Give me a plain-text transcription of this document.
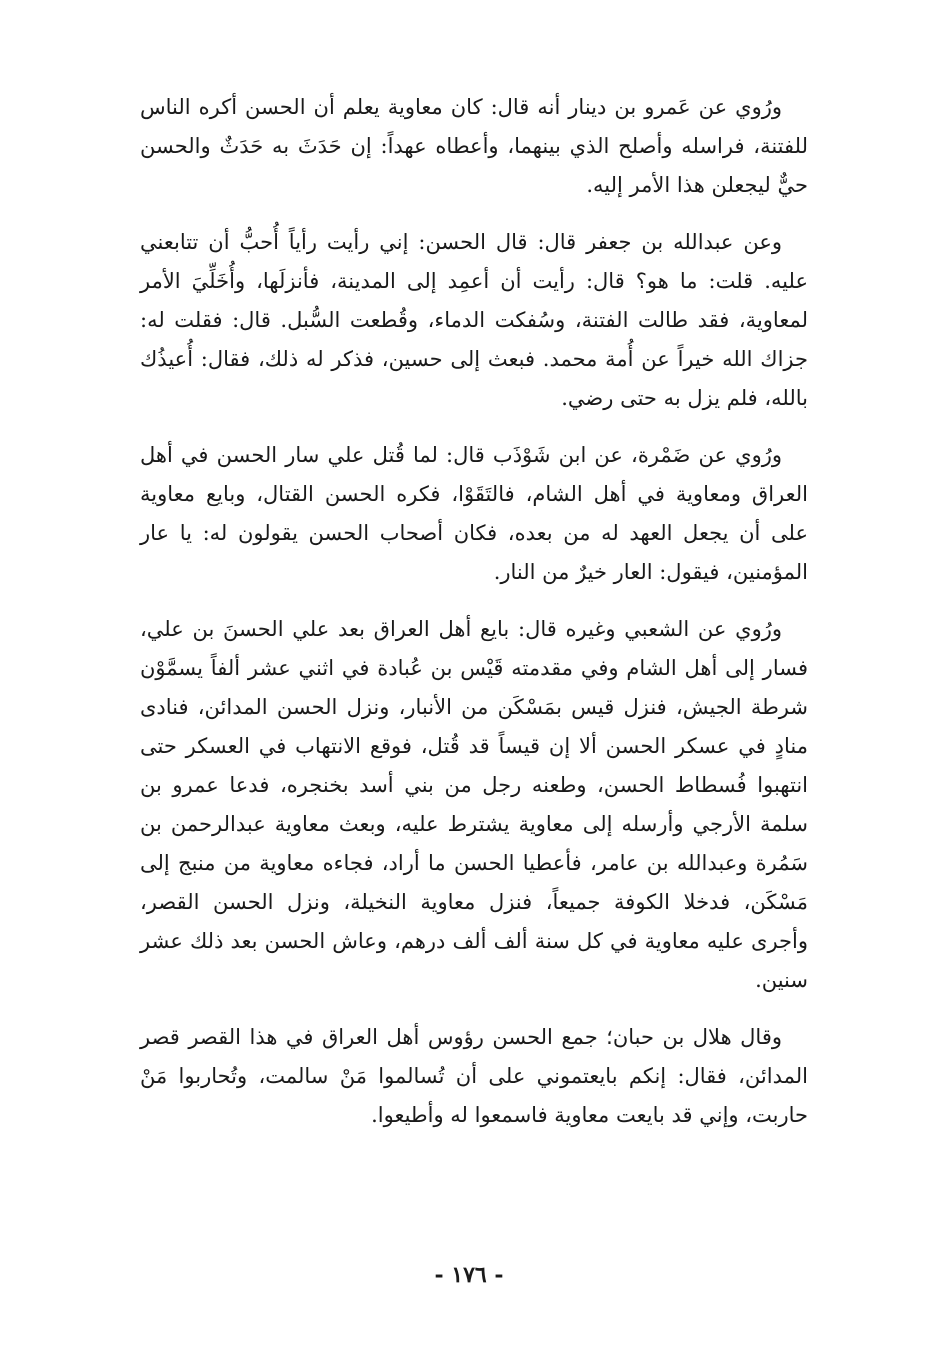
ورُوي عن عَمرو بن دينار أنه قال: كان معاوية يعلم أن الحسن أكره الناس للفتنة، فراسله وأصلح الذي بينهما، وأعطاه عهداً: إن حَدَثَ به حَدَثٌ والحسن حيٌّ ليجعلن هذا الأمر إليه.

وعن عبدالله بن جعفر قال: قال الحسن: إني رأيت رأياً أُحبُّ أن تتابعني عليه. قلت: ما هو؟ قال: رأيت أن أعمِد إلى المدينة، فأنزلَها، وأُخَلِّيَ الأمر لمعاوية، فقد طالت الفتنة، وسُفكت الدماء، وقُطعت السُّبل. قال: فقلت له: جزاك الله خيراً عن أُمة محمد. فبعث إلى حسين، فذكر له ذلك، فقال: أُعيذُك بالله، فلم يزل به حتى رضي.

ورُوي عن ضَمْرة، عن ابن شَوْذَب قال: لما قُتل علي سار الحسن في أهل العراق ومعاوية في أهل الشام، فالتَقَوْا، فكره الحسن القتال، وبايع معاوية على أن يجعل العهد له من بعده، فكان أصحاب الحسن يقولون له: يا عار المؤمنين، فيقول: العار خيرٌ من النار.

ورُوي عن الشعبي وغيره قال: بايع أهل العراق بعد علي الحسنَ بن علي، فسار إلى أهل الشام وفي مقدمته قَيْس بن عُبادة في اثني عشر ألفاً يسمَّوْن شرطة الجيش، فنزل قيس بمَسْكَن من الأنبار، ونزل الحسن المدائن، فنادى منادٍ في عسكر الحسن ألا إن قيساً قد قُتل، فوقع الانتهاب في العسكر حتى انتهبوا فُسطاط الحسن، وطعنه رجل من بني أسد بخنجره، فدعا عمرو بن سلمة الأرجي وأرسله إلى معاوية يشترط عليه، وبعث معاوية عبدالرحمن بن سَمُرة وعبدالله بن عامر، فأعطيا الحسن ما أراد، فجاءه معاوية من منبج إلى مَسْكَن، فدخلا الكوفة جميعاً، فنزل معاوية النخيلة، ونزل الحسن القصر، وأجرى عليه معاوية في كل سنة ألف ألف درهم، وعاش الحسن بعد ذلك عشر سنين.

وقال هلال بن حبان؛ جمع الحسن رؤوس أهل العراق في هذا القصر قصر المدائن، فقال: إنكم بايعتموني على أن تُسالموا مَنْ سالمت، وتُحاربوا مَنْ حاربت، وإني قد بايعت معاوية فاسمعوا له وأطيعوا.

- ١٧٦ -
